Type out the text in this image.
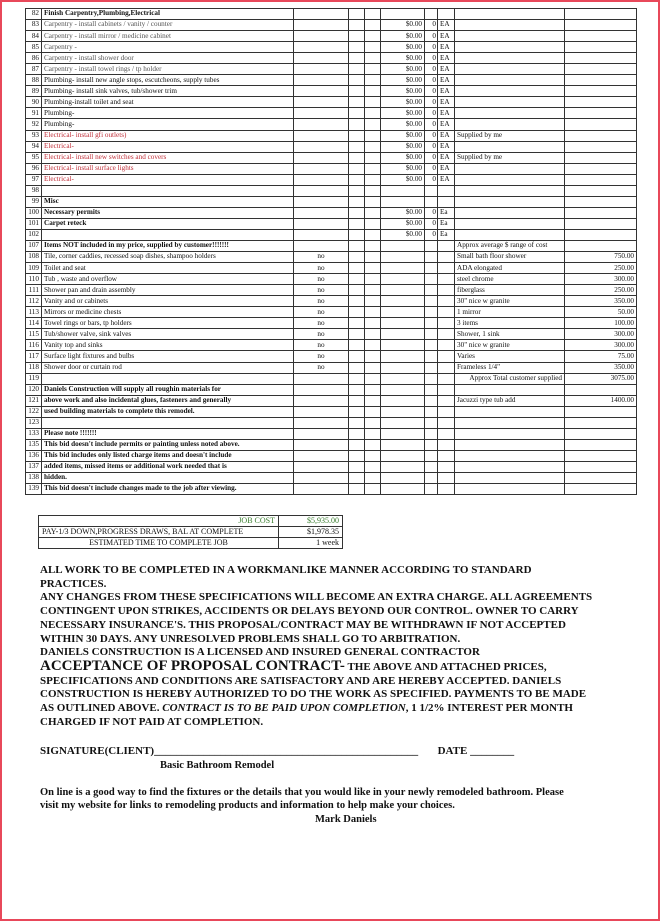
82	Finish Carpentry,Plumbing,Electrical								
83	Carpentry - install cabinets / vanity / counter				$0.00	0	EA		
84	Carpentry - install mirror / medicine cabinet				$0.00	0	EA		
85	Carpentry -				$0.00	0	EA		
86	Carpentry - install shower door				$0.00	0	EA		
87	Carpentry - install towel rings / tp holder				$0.00	0	EA		
88	Plumbing- install new angle stops, escutcheons, supply tubes				$0.00	0	EA		
89	Plumbing- install sink valves, tub/shower trim				$0.00	0	EA		
90	Plumbing-install toilet and seat				$0.00	0	EA		
91	Plumbing-				$0.00	0	EA		
92	Plumbing-				$0.00	0	EA		
93	Electrical- install gfi outlets)				$0.00	0	EA	Supplied by me	
94	Electrical-				$0.00	0	EA		
95	Electrical- install new switches and covers				$0.00	0	EA	Supplied by me	
96	Electrical- install surface lights				$0.00	0	EA		
97	Electrical-				$0.00	0	EA		
98									
99	Misc								
100	Necessary permits				$0.00	0	Ea		
101	Carpet reteck				$0.00	0	Ea		
102					$0.00	0	Ea		
107	Items NOT included in my price, supplied by customer!!!!!!!							Approx average $ range of cost	
108	Tile, corner caddies, recessed soap dishes, shampoo holders	no						Small bath floor shower	750.00
109	Toilet and seat	no						ADA elongated	250.00
110	Tub , waste and overflow	no						steel chrome	300.00
111	Shower pan and drain assembly	no						fiberglass	250.00
112	Vanity and or cabinets	no						30" nice w granite	350.00
113	Mirrors or medicine chests	no						1 mirror	50.00
114	Towel rings or bars, tp holders	no						3 items	100.00
115	Tub/shower valve, sink valves	no						Shower, 1 sink	300.00
116	Vanity top and sinks	no						30" nice w granite	300.00
117	Surface light fixtures and bulbs	no						Varies	75.00
118	Shower door or curtain rod	no						Frameless 1/4"	350.00
119								Approx Total customer supplied	3075.00
120	Daniels Construction will supply all roughin materials for								
121	above work and also incidental glues, fasteners and generally							Jacuzzi type tub add	1400.00
122	used building materials to complete this remodel.								
123									
133	Please note !!!!!!!								
135	This bid doesn't include permits or painting unless noted above.								
136	This bid includes only listed charge items and doesn't include								
137	added items, missed items or additional work needed that is								
138	hidden.								
139	This bid doesn't include changes made to the job after viewing.								
JOB COST	$5,935.00
PAY-1/3 DOWN,PROGRESS DRAWS, BAL AT COMPLETE	$1,978.35
ESTIMATED TIME TO COMPLETE JOB	1 week

ALL WORK TO BE COMPLETED IN A WORKMANLIKE MANNER ACCORDING TO STANDARD PRACTICES.

ANY CHANGES FROM THESE SPECIFICATIONS WILL BECOME AN EXTRA CHARGE. ALL AGREEMENTS

CONTINGENT UPON STRIKES, ACCIDENTS OR DELAYS BEYOND OUR CONTROL. OWNER TO CARRY

NECESSARY INSURANCE'S. THIS PROPOSAL/CONTRACT MAY BE WITHDRAWN IF NOT ACCEPTED

WITHIN 30 DAYS. ANY UNRESOLVED PROBLEMS SHALL GO TO ARBITRATION.

DANIELS CONSTRUCTION IS A LICENSED AND INSURED GENERAL CONTRACTOR

ACCEPTANCE OF PROPOSAL CONTRACT- THE ABOVE AND ATTACHED PRICES,

SPECIFICATIONS AND CONDITIONS ARE SATISFACTORY AND ARE HEREBY ACCEPTED. DANIELS

CONSTRUCTION IS HEREBY AUTHORIZED TO DO THE WORK AS SPECIFIED. PAYMENTS TO BE MADE

AS OUTLINED ABOVE. CONTRACT IS TO BE PAID UPON COMPLETION, 1 1/2% INTEREST PER MONTH

CHARGED IF NOT PAID AT COMPLETION.

SIGNATURE(CLIENT)________________________________________________ DATE ________
Basic Bathroom Remodel
On line is a good way to find the fixtures or the details that you would like in your newly remodeled bathroom. Please
visit my website for links to remodeling products and information to help make your choices.
Mark Daniels
